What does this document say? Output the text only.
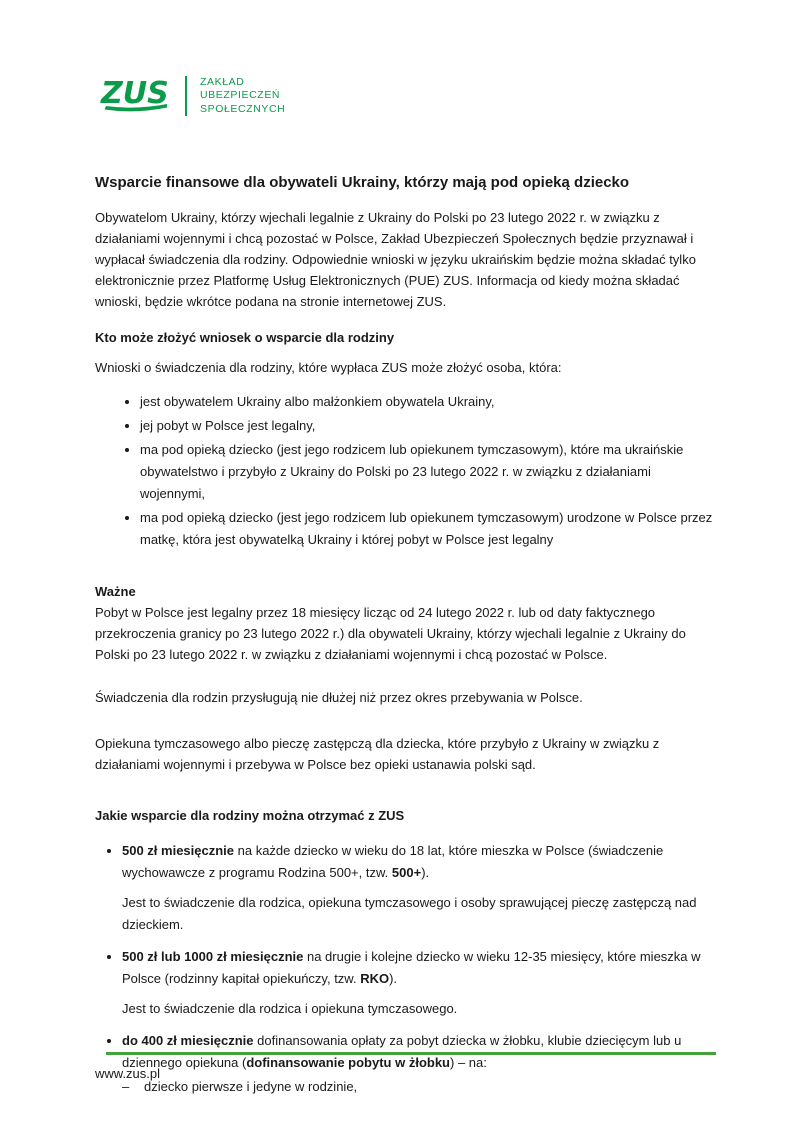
ZUS	ZAKŁAD
UBEZPIECZEŃ
SPOŁECZNYCH
Wsparcie finansowe dla obywateli Ukrainy, którzy mają pod opieką dziecko

Obywatelom Ukrainy, którzy wjechali legalnie z Ukrainy do Polski po 23 lutego 2022 r. w związku z działaniami wojennymi i chcą pozostać w Polsce, Zakład Ubezpieczeń Społecznych będzie przyznawał i wypłacał świadczenia dla rodziny. Odpowiednie wnioski w języku ukraińskim będzie można składać tylko elektronicznie przez Platformę Usług Elektronicznych (PUE) ZUS. Informacja od kiedy można składać wnioski, będzie wkrótce podana na stronie internetowej ZUS.

Kto może złożyć wniosek o wsparcie dla rodziny

Wnioski o świadczenia dla rodziny, które wypłaca ZUS może złożyć osoba, która:

• jest obywatelem Ukrainy albo małżonkiem obywatela Ukrainy,
• jej pobyt w Polsce jest legalny,
• ma pod opieką dziecko (jest jego rodzicem lub opiekunem tymczasowym), które ma ukraińskie obywatelstwo i przybyło z Ukrainy do Polski po 23 lutego 2022 r. w związku z działaniami wojennymi,
• ma pod opieką dziecko (jest jego rodzicem lub opiekunem tymczasowym) urodzone w Polsce przez matkę, która jest obywatelką Ukrainy i której pobyt w Polsce jest legalny

Ważne

Pobyt w Polsce jest legalny przez 18 miesięcy licząc od 24 lutego 2022 r. lub od daty faktycznego przekroczenia granicy po 23 lutego 2022 r.) dla obywateli Ukrainy, którzy wjechali legalnie z Ukrainy do Polski po 23 lutego 2022 r. w związku z działaniami wojennymi i chcą pozostać w Polsce.

Świadczenia dla rodzin przysługują nie dłużej niż przez okres przebywania w Polsce.

Opiekuna tymczasowego albo pieczę zastępczą dla dziecka, które przybyło z Ukrainy w związku z działaniami wojennymi i przebywa w Polsce bez opieki ustanawia polski sąd.

Jakie wsparcie dla rodziny można otrzymać z ZUS
• 500 zł miesięcznie na każde dziecko w wieku do 18 lat, które mieszka w Polsce (świadczenie wychowawcze z programu Rodzina 500+, tzw. 500+).

Jest to świadczenie dla rodzica, opiekuna tymczasowego i osoby sprawującej pieczę zastępczą nad dzieckiem.

• 500 zł lub 1000 zł miesięcznie na drugie i kolejne dziecko w wieku 12-35 miesięcy, które mieszka w Polsce (rodzinny kapitał opiekuńczy, tzw. RKO).

Jest to świadczenie dla rodzica i opiekuna tymczasowego.

• do 400 zł miesięcznie dofinansowania opłaty za pobyt dziecka w żłobku, klubie dziecięcym lub u dziennego opiekuna (dofinansowanie pobytu w żłobku) – na:
– dziecko pierwsze i jedyne w rodzinie,
www.zus.pl
